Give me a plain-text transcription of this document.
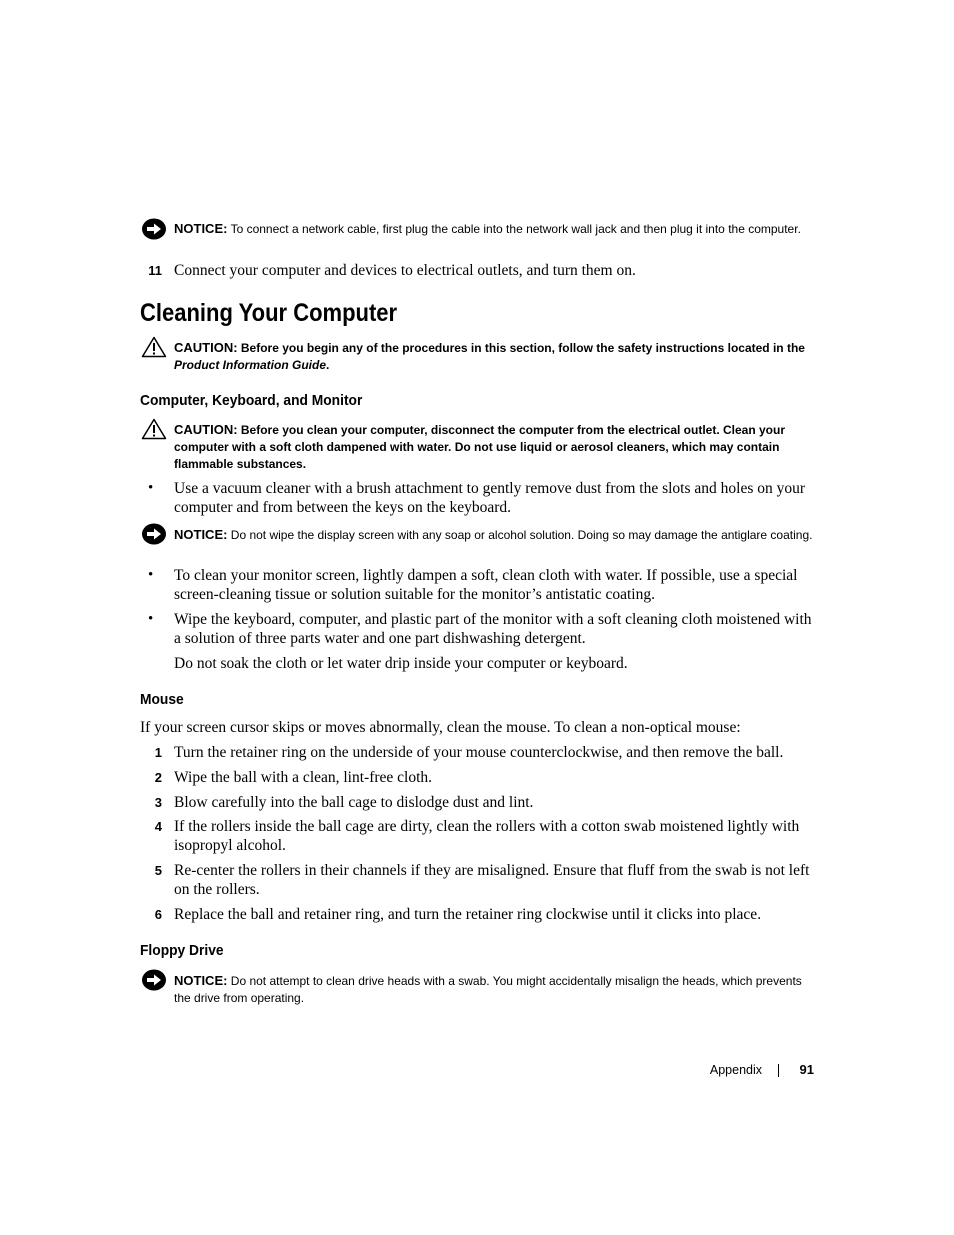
NOTICE: To connect a network cable, first plug the cable into the network wall jack and then plug it into the computer.
11 Connect your computer and devices to electrical outlets, and turn them on.
Cleaning Your Computer
CAUTION: Before you begin any of the procedures in this section, follow the safety instructions located in the Product Information Guide.
Computer, Keyboard, and Monitor
CAUTION: Before you clean your computer, disconnect the computer from the electrical outlet. Clean your computer with a soft cloth dampened with water. Do not use liquid or aerosol cleaners, which may contain flammable substances.
• Use a vacuum cleaner with a brush attachment to gently remove dust from the slots and holes on your computer and from between the keys on the keyboard.
NOTICE: Do not wipe the display screen with any soap or alcohol solution. Doing so may damage the antiglare coating.
• To clean your monitor screen, lightly dampen a soft, clean cloth with water. If possible, use a special screen-cleaning tissue or solution suitable for the monitor’s antistatic coating.
• Wipe the keyboard, computer, and plastic part of the monitor with a soft cleaning cloth moistened with a solution of three parts water and one part dishwashing detergent.
Do not soak the cloth or let water drip inside your computer or keyboard.
Mouse
If your screen cursor skips or moves abnormally, clean the mouse. To clean a non-optical mouse:
1 Turn the retainer ring on the underside of your mouse counterclockwise, and then remove the ball.
2 Wipe the ball with a clean, lint-free cloth.
3 Blow carefully into the ball cage to dislodge dust and lint.
4 If the rollers inside the ball cage are dirty, clean the rollers with a cotton swab moistened lightly with isopropyl alcohol.
5 Re-center the rollers in their channels if they are misaligned. Ensure that fluff from the swab is not left on the rollers.
6 Replace the ball and retainer ring, and turn the retainer ring clockwise until it clicks into place.
Floppy Drive
NOTICE: Do not attempt to clean drive heads with a swab. You might accidentally misalign the heads, which prevents the drive from operating.
Appendix	91
